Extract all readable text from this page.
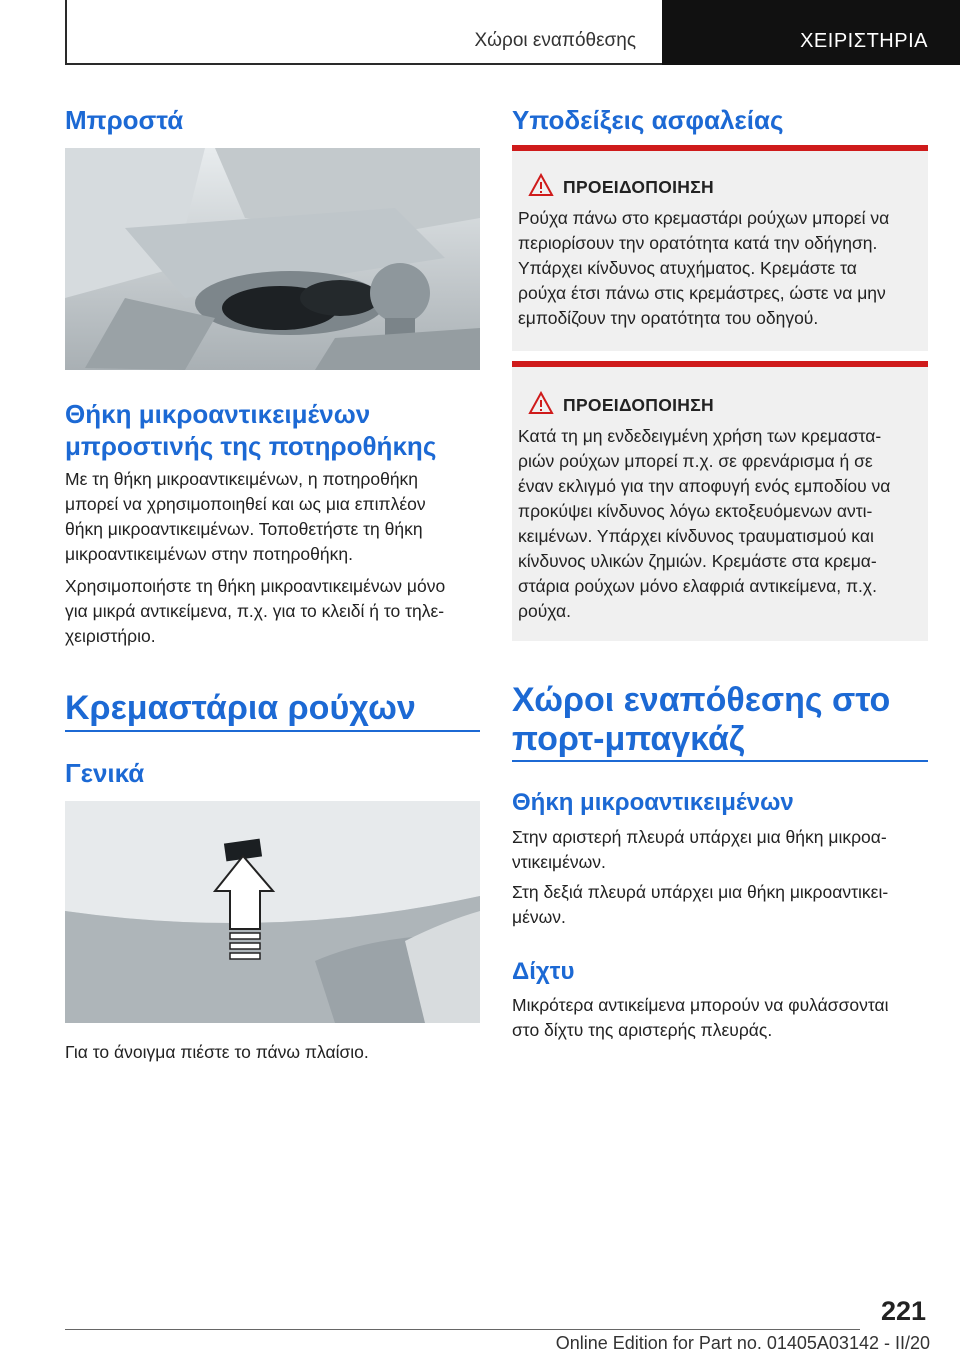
Χώροι εναπόθεσης	ΧΕΙΡΙΣΤΗΡΙΑ
Μπροστά
Θήκη μικροαντικειμένων
μπροστινής της ποτηροθήκης
Με τη θήκη μικροαντικειμένων, η ποτηροθήκη
μπορεί να χρησιμοποιηθεί και ως μια επιπλέον
θήκη μικροαντικειμένων. Τοποθετήστε τη θήκη
μικροαντικειμένων στην ποτηροθήκη.
Χρησιμοποιήστε τη θήκη μικροαντικειμένων μόνο
για μικρά αντικείμενα, π.χ. για το κλειδί ή το τηλε-
χειριστήριο.
Κρεμαστάρια ρούχων
Γενικά
Για το άνοιγμα πιέστε το πάνω πλαίσιο.
Υποδείξεις ασφαλείας
ΠΡΟΕΙΔΟΠΟΙΗΣΗ
Ρούχα πάνω στο κρεμαστάρι ρούχων μπορεί να
περιορίσουν την ορατότητα κατά την οδήγηση.
Υπάρχει κίνδυνος ατυχήματος. Κρεμάστε τα
ρούχα έτσι πάνω στις κρεμάστρες, ώστε να μην
εμποδίζουν την ορατότητα του οδηγού.
ΠΡΟΕΙΔΟΠΟΙΗΣΗ
Κατά τη μη ενδεδειγμένη χρήση των κρεμαστα-
ριών ρούχων μπορεί π.χ. σε φρενάρισμα ή σε
έναν εκλιγμό για την αποφυγή ενός εμποδίου να
προκύψει κίνδυνος λόγω εκτοξευόμενων αντι-
κειμένων. Υπάρχει κίνδυνος τραυματισμού και
κίνδυνος υλικών ζημιών. Κρεμάστε στα κρεμα-
στάρια ρούχων μόνο ελαφριά αντικείμενα, π.χ.
ρούχα.
Χώροι εναπόθεσης στο
πορτ-μπαγκάζ
Θήκη μικροαντικειμένων
Στην αριστερή πλευρά υπάρχει μια θήκη μικροα-
ντικειμένων.
Στη δεξιά πλευρά υπάρχει μια θήκη μικροαντικει-
μένων.
Δίχτυ
Μικρότερα αντικείμενα μπορούν να φυλάσσονται
στο δίχτυ της αριστερής πλευράς.
221
Online Edition for Part no. 01405A03142 - II/20
